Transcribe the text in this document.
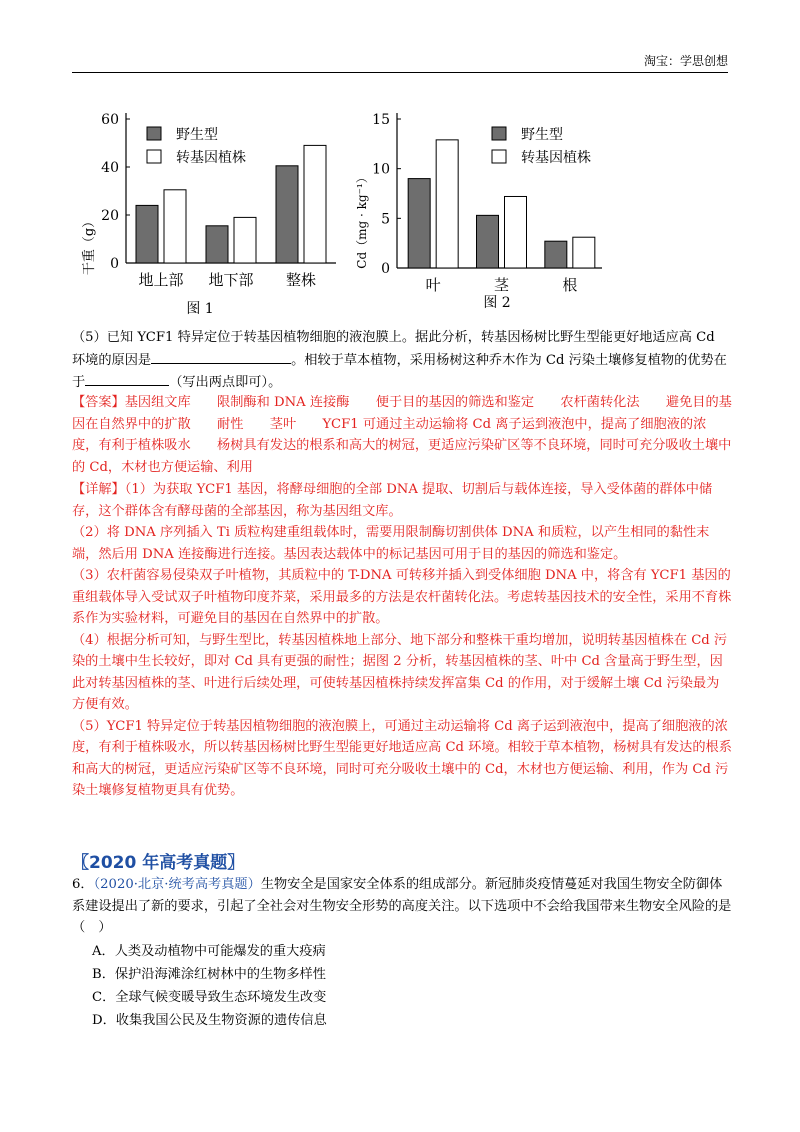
淘宝：学思创想
0
20
40
60
地上部 地下部 整株
野生型
转基因植株
干重（g）
图 1
0
5
10
15
叶	茎	根
野生型
转基因植株
Cd（mg · kg⁻¹）
图 2
（5）已知 YCF1 特异定位于转基因植物细胞的液泡膜上。据此分析，转基因杨树比野生型能更好地适应高 Cd 环境的原因是	。相较于草本植物，采用杨树这种乔木作为 Cd 污染土壤修复植物的优势在于	（写出两点即可）。
【答案】基因组文库　　限制酶和 DNA 连接酶　　便于目的基因的筛选和鉴定　　农杆菌转化法　　避免目的基因在自然界中的扩散　　耐性　　茎叶　　YCF1 可通过主动运输将 Cd 离子运到液泡中，提高了细胞液的浓度，有利于植株吸水　　杨树具有发达的根系和高大的树冠，更适应污染矿区等不良环境，同时可充分吸收土壤中的 Cd，木材也方便运输、利用
【详解】（1）为获取 YCF1 基因，将酵母细胞的全部 DNA 提取、切割后与载体连接，导入受体菌的群体中储存，这个群体含有酵母菌的全部基因，称为基因组文库。
（2）将 DNA 序列插入 Ti 质粒构建重组载体时，需要用限制酶切割供体 DNA 和质粒，以产生相同的黏性末端，然后用 DNA 连接酶进行连接。基因表达载体中的标记基因可用于目的基因的筛选和鉴定。
（3）农杆菌容易侵染双子叶植物，其质粒中的 T-DNA 可转移并插入到受体细胞 DNA 中，将含有 YCF1 基因的重组载体导入受试双子叶植物印度芥菜，采用最多的方法是农杆菌转化法。考虑转基因技术的安全性，采用不育株系作为实验材料，可避免目的基因在自然界中的扩散。
（4）根据分析可知，与野生型比，转基因植株地上部分、地下部分和整株干重均增加，说明转基因植株在 Cd 污染的土壤中生长较好，即对 Cd 具有更强的耐性；据图 2 分析，转基因植株的茎、叶中 Cd 含量高于野生型，因此对转基因植株的茎、叶进行后续处理，可使转基因植株持续发挥富集 Cd 的作用，对于缓解土壤 Cd 污染最为方便有效。
（5）YCF1 特异定位于转基因植物细胞的液泡膜上，可通过主动运输将 Cd 离子运到液泡中，提高了细胞液的浓度，有利于植株吸水，所以转基因杨树比野生型能更好地适应高 Cd 环境。相较于草本植物，杨树具有发达的根系和高大的树冠，更适应污染矿区等不良环境，同时可充分吸收土壤中的 Cd，木材也方便运输、利用，作为 Cd 污染土壤修复植物更具有优势。
〖2020 年高考真题〗
6．（2020·北京·统考高考真题）生物安全是国家安全体系的组成部分。新冠肺炎疫情蔓延对我国生物安全防御体系建设提出了新的要求，引起了全社会对生物安全形势的高度关注。以下选项中不会给我国带来生物安全风险的是（　）
A．人类及动植物中可能爆发的重大疫病
B．保护沿海滩涂红树林中的生物多样性
C．全球气候变暖导致生态环境发生改变
D．收集我国公民及生物资源的遗传信息
